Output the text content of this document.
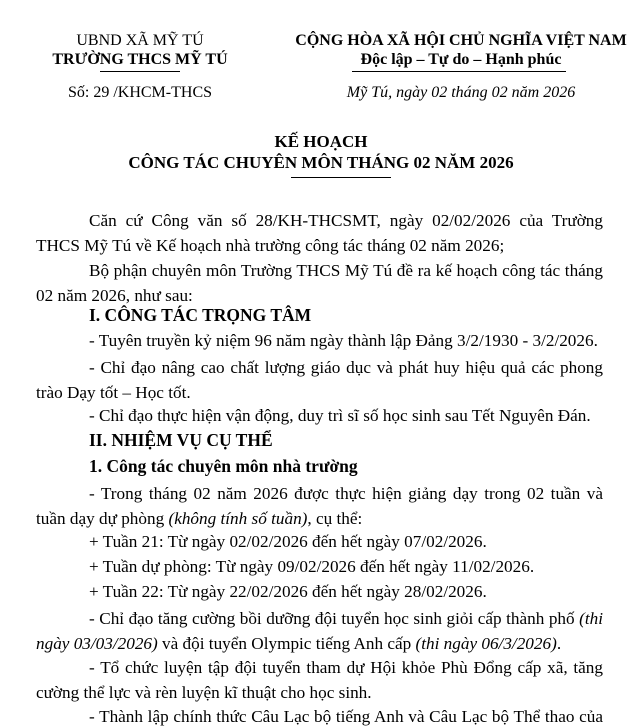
UBND XÃ MỸ TÚ
TRƯỜNG THCS MỸ TÚ
Số: 29 /KHCM-THCS
CỘNG HÒA XÃ HỘI CHỦ NGHĨA VIỆT NAM
Độc lập – Tự do – Hạnh phúc
Mỹ Tú, ngày 02 tháng 02 năm 2026
KẾ HOẠCH
CÔNG TÁC CHUYÊN MÔN THÁNG 02 NĂM 2026
Căn cứ Công văn số 28/KH-THCSMT, ngày 02/02/2026 của Trường
THCS Mỹ Tú về Kế hoạch nhà trường công tác tháng 02 năm 2026;
Bộ phận chuyên môn Trường THCS Mỹ Tú đề ra kế hoạch công tác tháng
02 năm 2026, như sau:
I. CÔNG TÁC TRỌNG TÂM
- Tuyên truyền kỷ niệm 96 năm ngày thành lập Đảng 3/2/1930 - 3/2/2026.
- Chỉ đạo nâng cao chất lượng giáo dục và phát huy hiệu quả các phong
trào Dạy tốt – Học tốt.
- Chỉ đạo thực hiện vận động, duy trì sĩ số học sinh sau Tết Nguyên Đán.
II. NHIỆM VỤ CỤ THỂ
1. Công tác chuyên môn nhà trường
- Trong tháng 02 năm 2026 được thực hiện giảng dạy trong 02 tuần và
tuần dạy dự phòng (không tính số tuần), cụ thể:
+ Tuần 21: Từ ngày 02/02/2026 đến hết ngày 07/02/2026.
+ Tuần dự phòng: Từ ngày 09/02/2026 đến hết ngày 11/02/2026.
+ Tuần 22: Từ ngày 22/02/2026 đến hết ngày 28/02/2026.
- Chỉ đạo tăng cường bồi dưỡng đội tuyển học sinh giỏi cấp thành phố (thi
ngày 03/03/2026) và đội tuyển Olympic tiếng Anh cấp (thi ngày 06/3/2026).
- Tổ chức luyện tập đội tuyển tham dự Hội khỏe Phù Đổng cấp xã, tăng
cường thể lực và rèn luyện kĩ thuật cho học sinh.
- Thành lập chính thức Câu Lạc bộ tiếng Anh và Câu Lạc bộ Thể thao của
